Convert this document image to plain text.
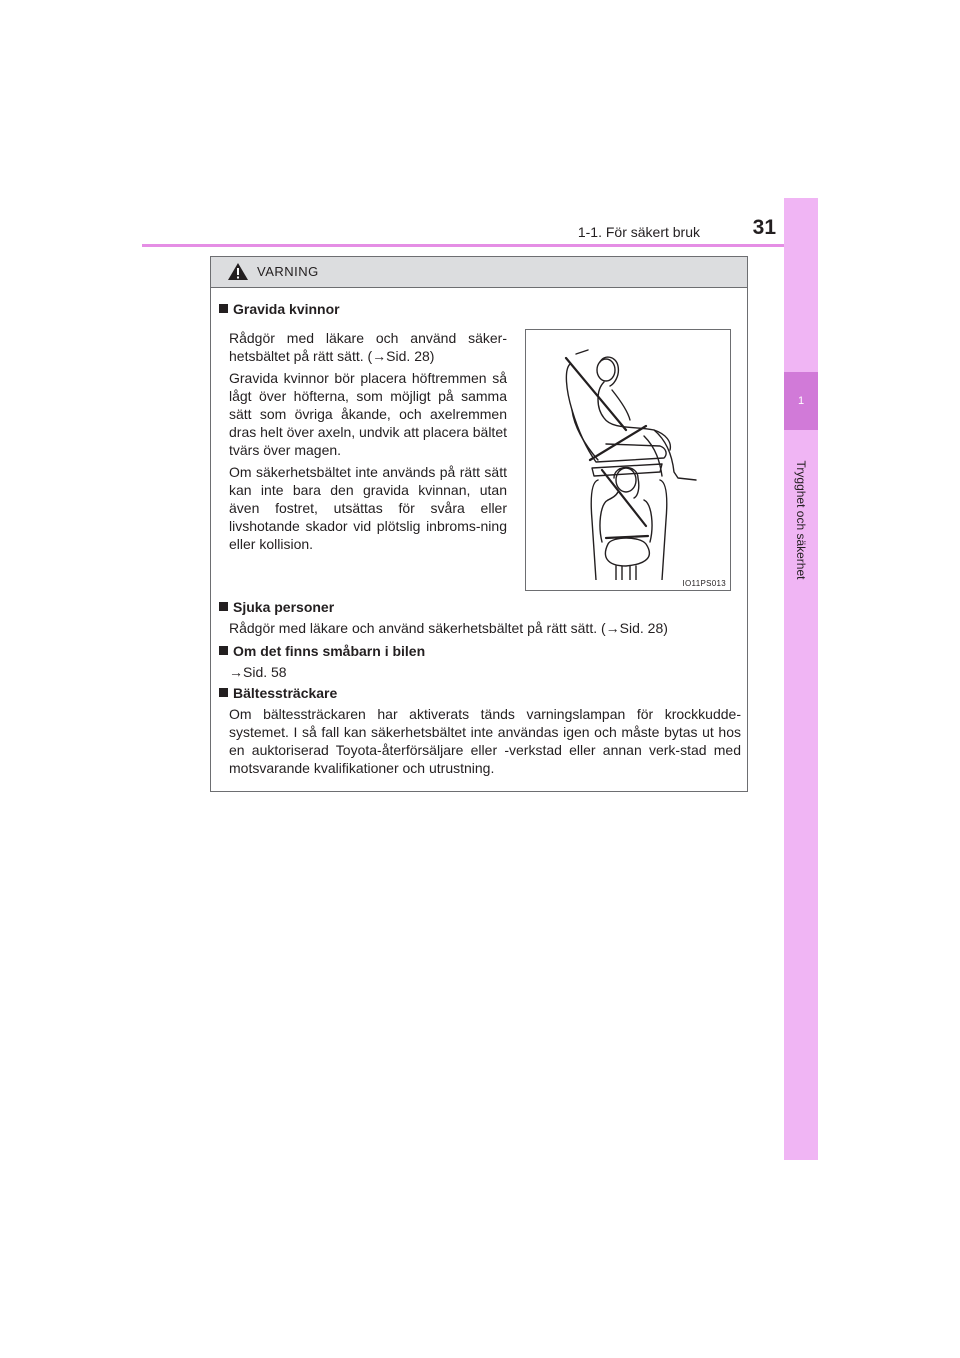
1-1. För säkert bruk	31
1
Trygghet och säkerhet
VARNING
Gravida kvinnor
Rådgör med läkare och använd säker-hetsbältet på rätt sätt. (→Sid. 28)
Gravida kvinnor bör placera höftremmen så lågt över höfterna, som möjligt på samma sätt som övriga åkande, och axelremmen dras helt över axeln, undvik att placera bältet tvärs över magen.
Om säkerhetsbältet inte används på rätt sätt kan inte bara den gravida kvinnan, utan även fostret, utsättas för svåra eller livshotande skador vid plötslig inbroms-ning eller kollision.
IO11PS013
Sjuka personer
Rådgör med läkare och använd säkerhetsbältet på rätt sätt. (→Sid. 28)
Om det finns småbarn i bilen
→Sid. 58
Bältessträckare
Om bältessträckaren har aktiverats tänds varningslampan för krockkudde-systemet. I så fall kan säkerhetsbältet inte användas igen och måste bytas ut hos en auktoriserad Toyota-återförsäljare eller -verkstad eller annan verk-stad med motsvarande kvalifikationer och utrustning.
